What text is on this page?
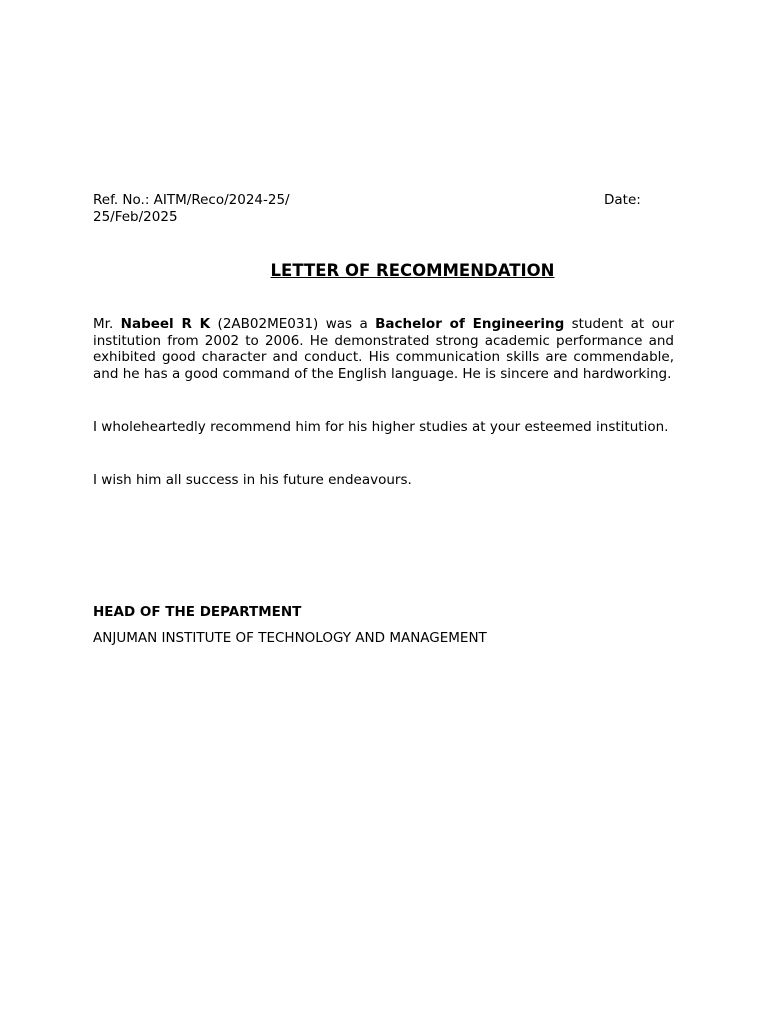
Ref. No.: AITM/Reco/2024-25/	Date:
25/Feb/2025
LETTER OF RECOMMENDATION

Mr. Nabeel R K (2AB02ME031) was a Bachelor of Engineering student at our institution from 2002 to 2006. He demonstrated strong academic performance and exhibited good character and conduct. His communication skills are commendable, and he has a good command of the English language. He is sincere and hardworking.

I wholeheartedly recommend him for his higher studies at your esteemed institution.

I wish him all success in his future endeavours.

HEAD OF THE DEPARTMENT
ANJUMAN INSTITUTE OF TECHNOLOGY AND MANAGEMENT
